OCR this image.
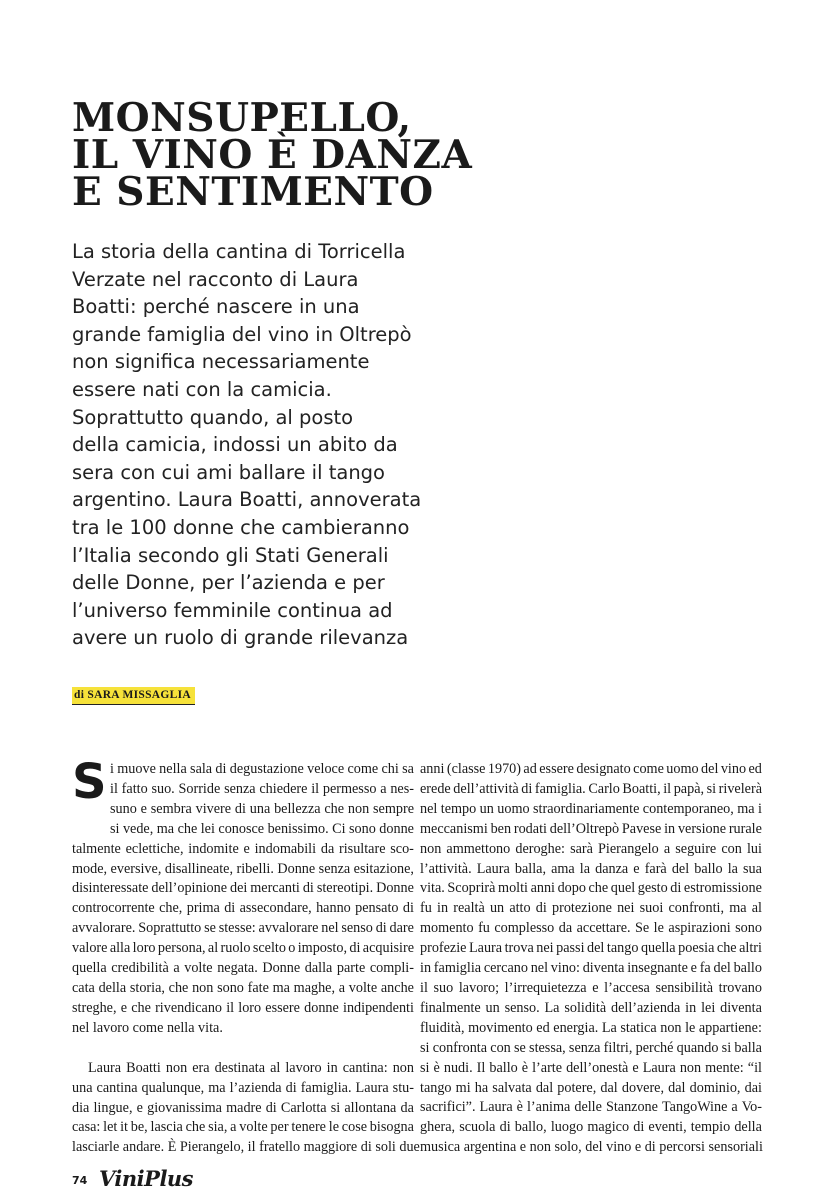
MONSUPELLO,
IL VINO È DANZA
E SENTIMENTO
La storia della cantina di Torricella
Verzate nel racconto di Laura
Boatti: perché nascere in una
grande famiglia del vino in Oltrepò
non significa necessariamente
essere nati con la camicia.
Soprattutto quando, al posto
della camicia, indossi un abito da
sera con cui ami ballare il tango
argentino. Laura Boatti, annoverata
tra le 100 donne che cambieranno
l’Italia secondo gli Stati Generali
delle Donne, per l’azienda e per
l’universo femminile continua ad
avere un ruolo di grande rilevanza
di SARA MISSAGLIA
S i muove nella sala di degustazione veloce come chi sa
il fatto suo. Sorride senza chiedere il permesso a nes-
suno e sembra vivere di una bellezza che non sempre
si vede, ma che lei conosce benissimo. Ci sono donne
talmente eclettiche, indomite e indomabili da risultare sco-
mode, eversive, disallineate, ribelli. Donne senza esitazione,
disinteressate dell’opinione dei mercanti di stereotipi. Donne
controcorrente che, prima di assecondare, hanno pensato di
avvalorare. Soprattutto se stesse: avvalorare nel senso di dare
valore alla loro persona, al ruolo scelto o imposto, di acquisire
quella credibilità a volte negata. Donne dalla parte compli-
cata della storia, che non sono fate ma maghe, a volte anche
streghe, e che rivendicano il loro essere donne indipendenti
nel lavoro come nella vita.
Laura Boatti non era destinata al lavoro in cantina: non
una cantina qualunque, ma l’azienda di famiglia. Laura stu-
dia lingue, e giovanissima madre di Carlotta si allontana da
casa: let it be, lascia che sia, a volte per tenere le cose bisogna
lasciarle andare. È Pierangelo, il fratello maggiore di soli due
anni (classe 1970) ad essere designato come uomo del vino ed
erede dell’attività di famiglia. Carlo Boatti, il papà, si rivelerà
nel tempo un uomo straordinariamente contemporaneo, ma i
meccanismi ben rodati dell’Oltrepò Pavese in versione rurale
non ammettono deroghe: sarà Pierangelo a seguire con lui
l’attività. Laura balla, ama la danza e farà del ballo la sua
vita. Scoprirà molti anni dopo che quel gesto di estromissione
fu in realtà un atto di protezione nei suoi confronti, ma al
momento fu complesso da accettare. Se le aspirazioni sono
profezie Laura trova nei passi del tango quella poesia che altri
in famiglia cercano nel vino: diventa insegnante e fa del ballo
il suo lavoro; l’irrequietezza e l’accesa sensibilità trovano
finalmente un senso. La solidità dell’azienda in lei diventa
fluidità, movimento ed energia. La statica non le appartiene:
si confronta con se stessa, senza filtri, perché quando si balla
si è nudi. Il ballo è l’arte dell’onestà e Laura non mente: “il
tango mi ha salvata dal potere, dal dovere, dal dominio, dai
sacrifici”. Laura è l’anima delle Stanzone TangoWine a Vo-
ghera, scuola di ballo, luogo magico di eventi, tempio della
musica argentina e non solo, del vino e di percorsi sensoriali
74 ViniPlus
